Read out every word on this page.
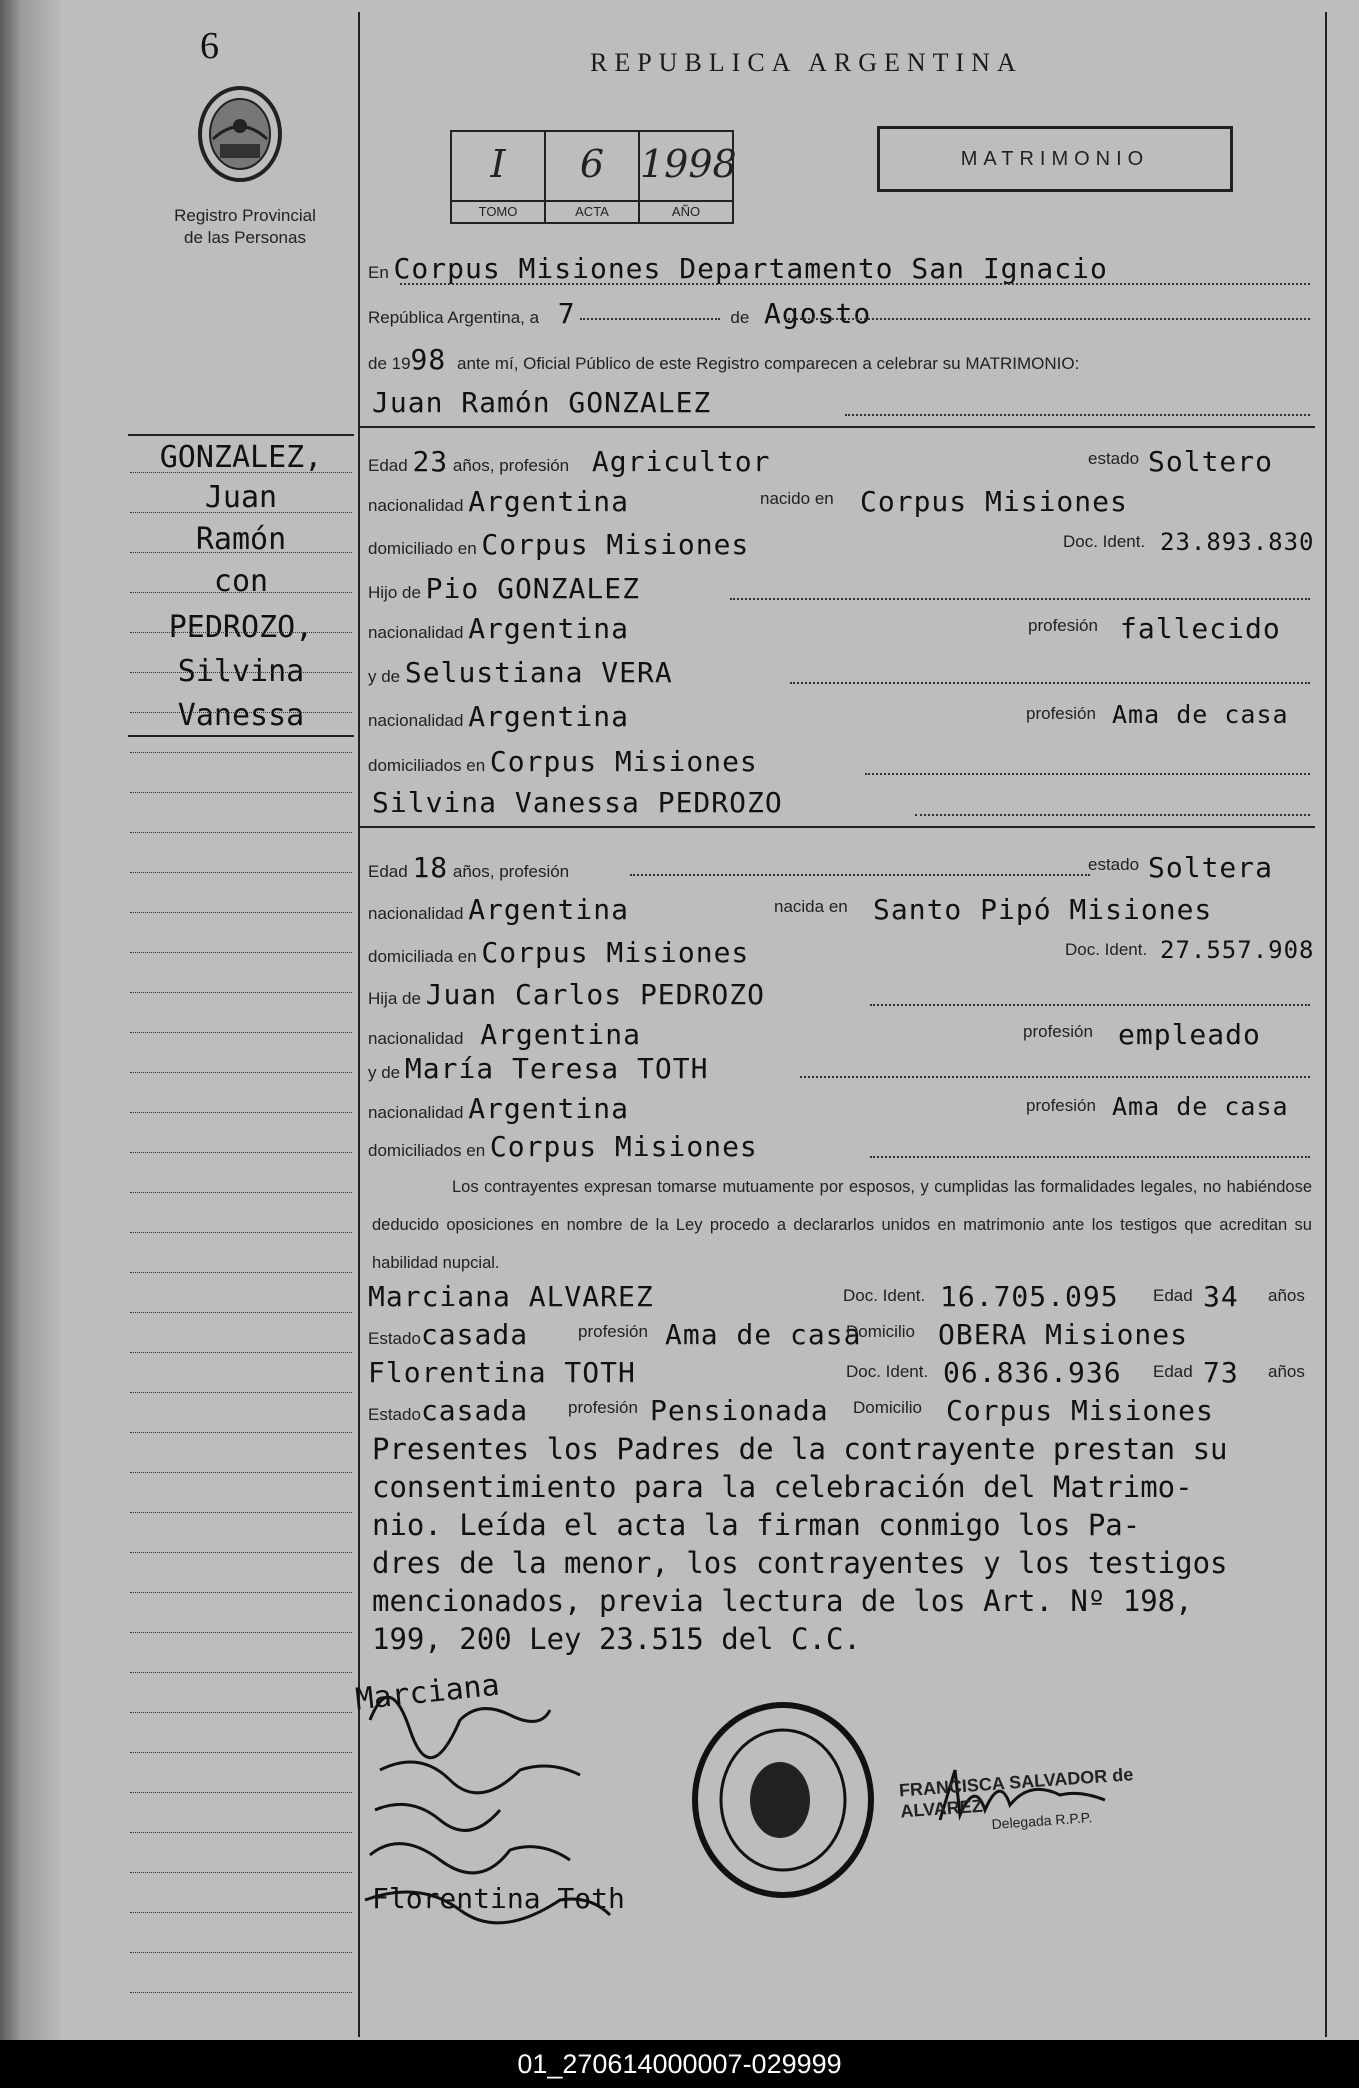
6
Registro Provincial
de las Personas
REPUBLICA ARGENTINA
I
TOMO
6
ACTA
1998
AÑO
MATRIMONIO
En Corpus Misiones Departamento San Ignacio
República Argentina, a 7	de Agosto
de 1998 ante mí, Oficial Público de este Registro comparecen a celebrar su MATRIMONIO:
Juan Ramón GONZALEZ
Edad 23 años, profesión Agricultor	estado Soltero
nacionalidad Argentina	nacido en Corpus Misiones
domiciliado en Corpus Misiones	Doc. Ident. 23.893.830
Hijo de Pio GONZALEZ
nacionalidad Argentina	profesión fallecido
y de Selustiana VERA
nacionalidad Argentina	profesión Ama de casa
domiciliados en Corpus Misiones
Silvina Vanessa PEDROZO
Edad 18 años, profesión	estado Soltera
nacionalidad Argentina	nacida en Santo Pipó Misiones
domiciliada en Corpus Misiones	Doc. Ident. 27.557.908
Hija de Juan Carlos PEDROZO
nacionalidad Argentina	profesión empleado
y de María Teresa TOTH
nacionalidad Argentina	profesión Ama de casa
domiciliados en Corpus Misiones
Los contrayentes expresan tomarse mutuamente por esposos, y cumplidas las formalidades legales, no habiéndose deducido oposiciones en nombre de la Ley procedo a declararlos unidos en matrimonio ante los testigos que acreditan su habilidad nupcial.
Marciana ALVAREZ	Doc. Ident. 16.705.095 Edad 34 años
Estadocasada	profesión Ama de casa
Domicilio OBERA Misiones
Florentina TOTH	Doc. Ident. 06.836.936 Edad 73 años
Estadocasada profesión Pensionada Domicilio Corpus Misiones
Presentes los Padres de la contrayente prestan su
consentimiento para la celebración del Matrimo-
nio. Leída el acta la firman conmigo los Pa-
dres de la menor, los contrayentes y los testigos
mencionados, previa lectura de los Art. Nº 198,
199, 200 Ley 23.515 del C.C.
Marciana
Florentina Toth
FRANCISCA SALVADOR de ALVAREZ Delegada R.P.P.
GONZALEZ,
Juan
Ramón
con
PEDROZO,
Silvina
Vanessa
01_270614000007-029999
